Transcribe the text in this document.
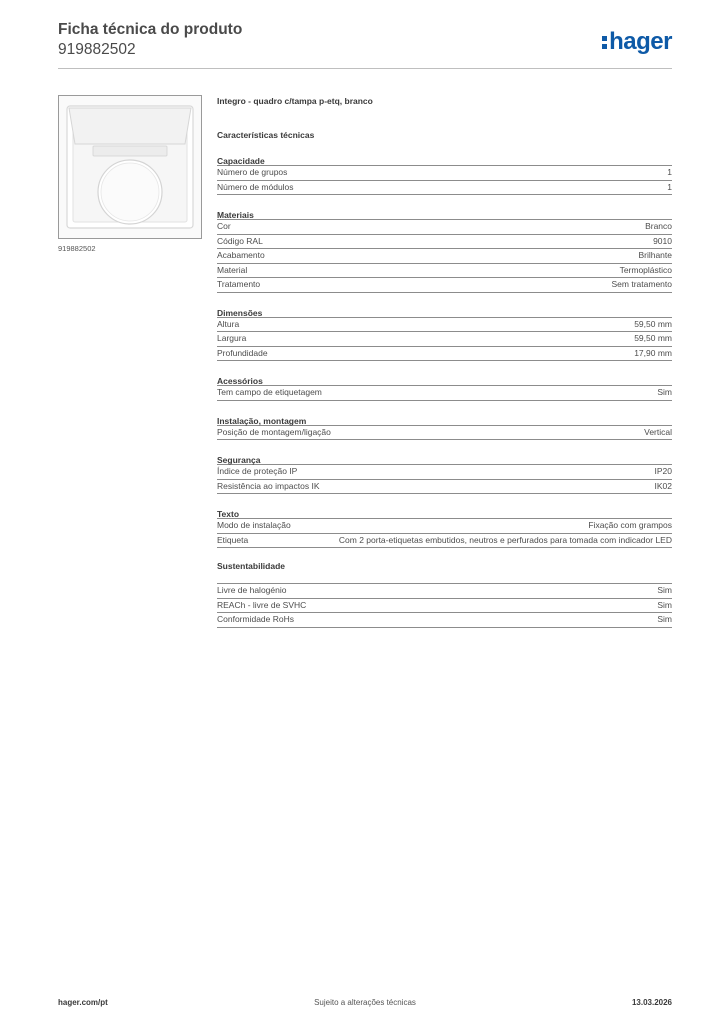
Ficha técnica do produto
919882502	hager
919882502
Integro - quadro c/tampa p-etq, branco
Características técnicas
Capacidade
Número de grupos	1
Número de módulos	1
Materiais
Cor	Branco
Código RAL	9010
Acabamento	Brilhante
Material	Termoplástico
Tratamento	Sem tratamento
Dimensões
Altura	59,50 mm
Largura	59,50 mm
Profundidade	17,90 mm
Acessórios
Tem campo de etiquetagem	Sim
Instalação, montagem
Posição de montagem/ligação	Vertical
Segurança
Índice de proteção IP	IP20
Resistência ao impactos IK	IK02
Texto
Modo de instalação	Fixação com grampos
Etiqueta	Com 2 porta-etiquetas embutidos, neutros e perfurados para tomada com indicador LED
Sustentabilidade
Livre de halogénio	Sim
REACh - livre de SVHC	Sim
Conformidade RoHs	Sim
hager.com/pt	Sujeito a alterações técnicas	13.03.2026
